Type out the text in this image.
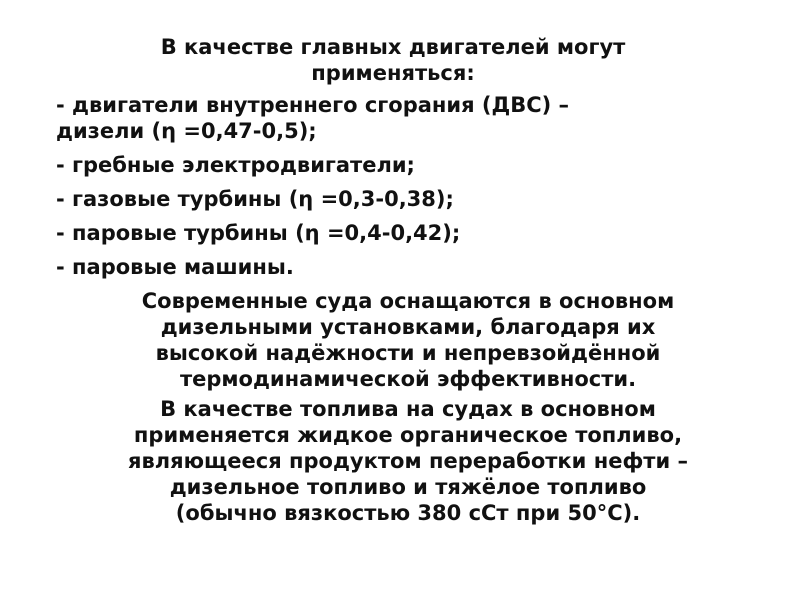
В качестве главных двигателей могут
применяться:
- двигатели внутреннего сгорания (ДВС) –
дизели (η =0,47-0,5);
- гребные электродвигатели;
- газовые турбины (η =0,3-0,38);
- паровые турбины (η =0,4-0,42);
- паровые машины.
Современные суда оснащаются в основном
дизельными установками, благодаря их
высокой надёжности и непревзойдённой
термодинамической эффективности.
В качестве топлива на судах в основном
применяется жидкое органическое топливо,
являющееся продуктом переработки нефти –
дизельное топливо и тяжёлое топливо
(обычно вязкостью 380 сСт при 50°С).
